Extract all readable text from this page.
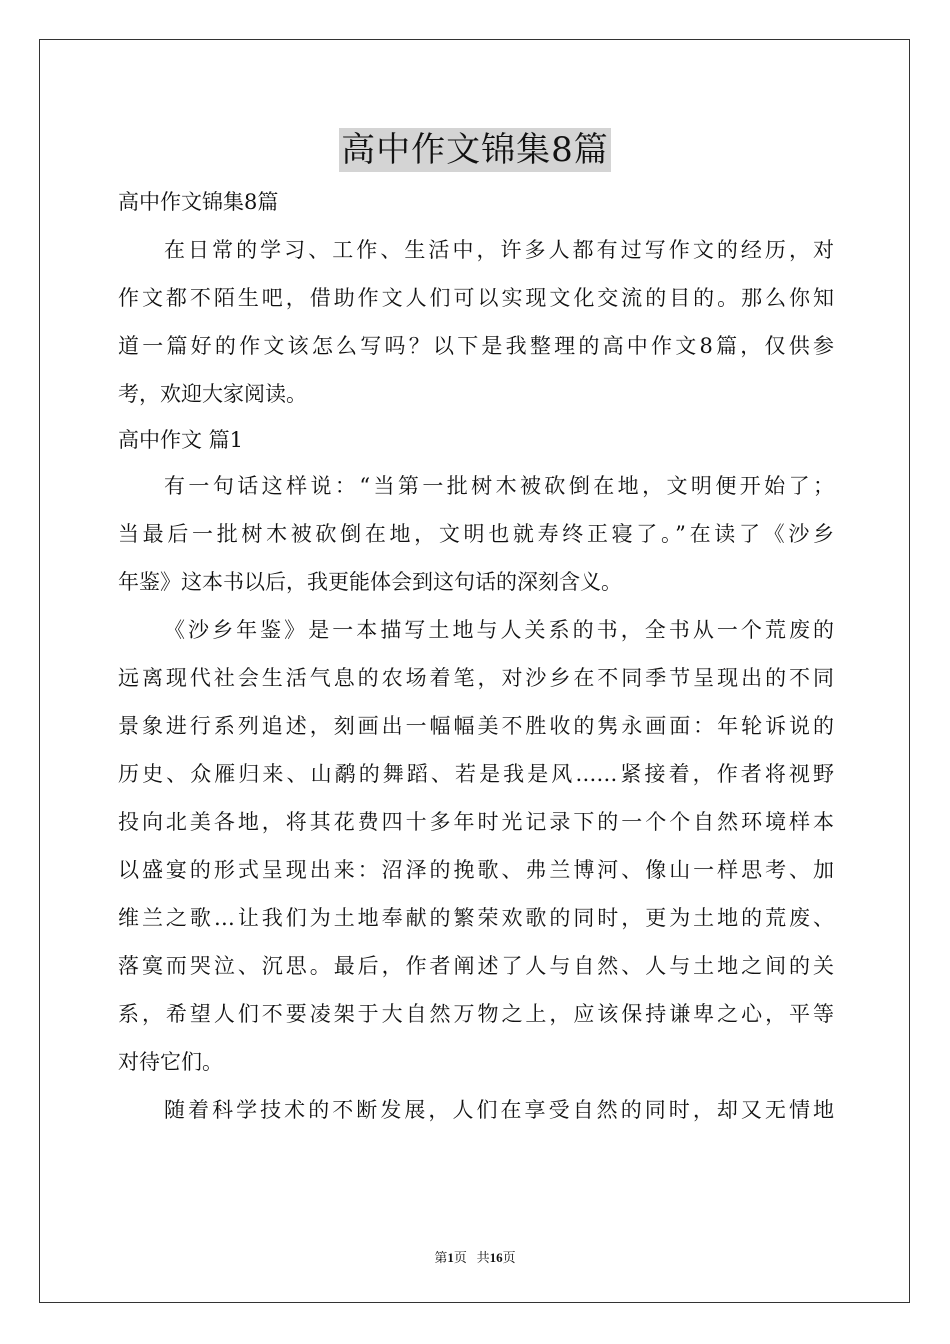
高中作文锦集8篇
高中作文锦集8篇
在日常的学习、工作、生活中，许多人都有过写作文的经历，对
作文都不陌生吧，借助作文人们可以实现文化交流的目的。那么你知
道一篇好的作文该怎么写吗？以下是我整理的高中作文8篇，仅供参
考，欢迎大家阅读。
高中作文 篇1
有一句话这样说：“当第一批树木被砍倒在地，文明便开始了；
当最后一批树木被砍倒在地，文明也就寿终正寝了。”在读了《沙乡
年鉴》这本书以后，我更能体会到这句话的深刻含义。
《沙乡年鉴》是一本描写土地与人关系的书，全书从一个荒废的
远离现代社会生活气息的农场着笔，对沙乡在不同季节呈现出的不同
景象进行系列追述，刻画出一幅幅美不胜收的隽永画面：年轮诉说的
历史、众雁归来、山鹬的舞蹈、若是我是风……紧接着，作者将视野
投向北美各地，将其花费四十多年时光记录下的一个个自然环境样本
以盛宴的形式呈现出来：沼泽的挽歌、弗兰博河、像山一样思考、加
维兰之歌…让我们为土地奉献的繁荣欢歌的同时，更为土地的荒废、
落寞而哭泣、沉思。最后，作者阐述了人与自然、人与土地之间的关
系，希望人们不要凌架于大自然万物之上，应该保持谦卑之心，平等
对待它们。
随着科学技术的不断发展，人们在享受自然的同时，却又无情地
第1页 共16页
